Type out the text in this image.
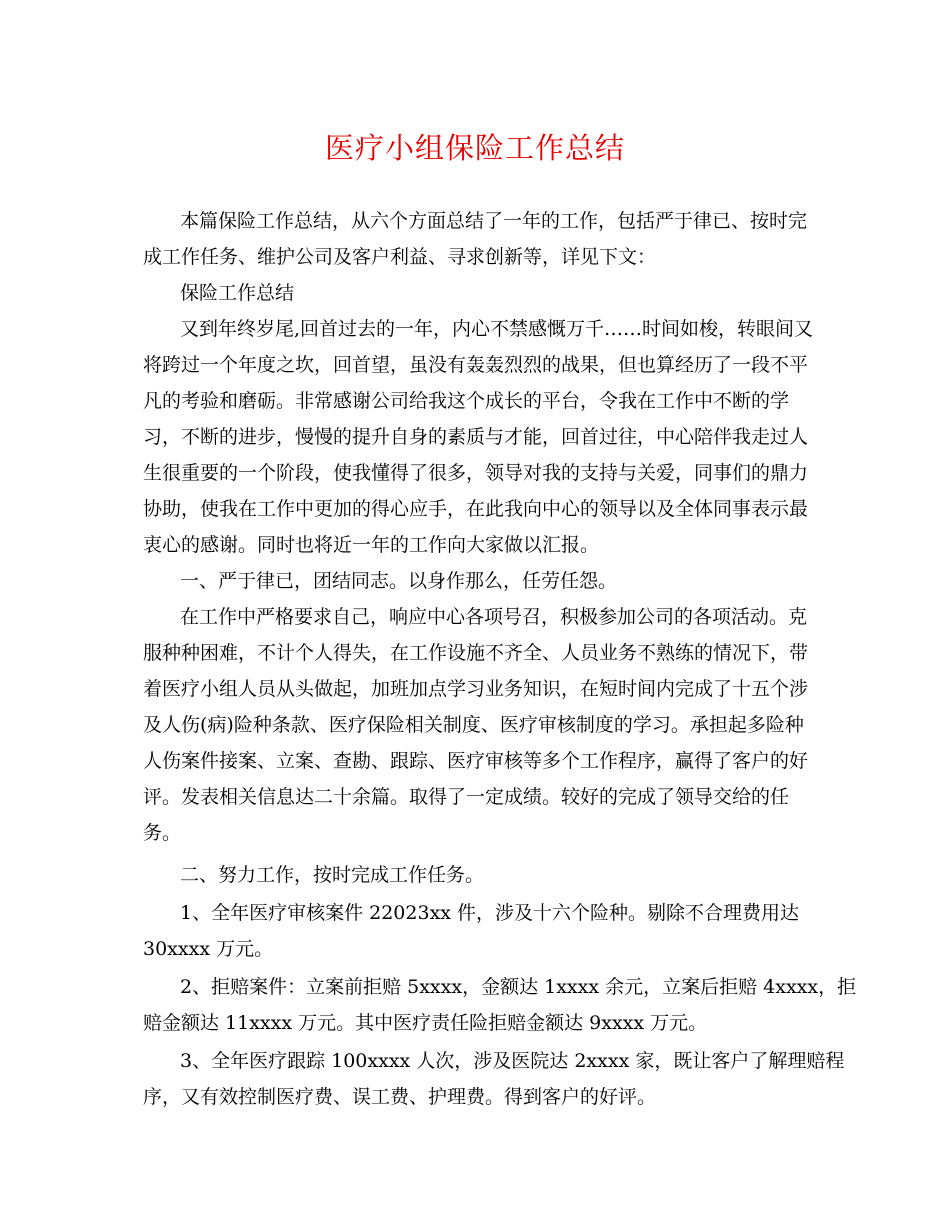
医疗小组保险工作总结
本篇保险工作总结，从六个方面总结了一年的工作，包括严于律已、按时完
成工作任务、维护公司及客户利益、寻求创新等，详见下文：
保险工作总结
又到年终岁尾,回首过去的一年，内心不禁感慨万千……时间如梭，转眼间又
将跨过一个年度之坎，回首望，虽没有轰轰烈烈的战果，但也算经历了一段不平
凡的考验和磨砺。非常感谢公司给我这个成长的平台，令我在工作中不断的学
习，不断的进步，慢慢的提升自身的素质与才能，回首过往，中心陪伴我走过人
生很重要的一个阶段，使我懂得了很多，领导对我的支持与关爱，同事们的鼎力
协助，使我在工作中更加的得心应手，在此我向中心的领导以及全体同事表示最
衷心的感谢。同时也将近一年的工作向大家做以汇报。
一、严于律已，团结同志。以身作那么，任劳任怨。
在工作中严格要求自己，响应中心各项号召，积极参加公司的各项活动。克
服种种困难，不计个人得失，在工作设施不齐全、人员业务不熟练的情况下，带
着医疗小组人员从头做起，加班加点学习业务知识，在短时间内完成了十五个涉
及人伤(病)险种条款、医疗保险相关制度、医疗审核制度的学习。承担起多险种
人伤案件接案、立案、查勘、跟踪、医疗审核等多个工作程序，赢得了客户的好
评。发表相关信息达二十余篇。取得了一定成绩。较好的完成了领导交给的任
务。
二、努力工作，按时完成工作任务。
1、全年医疗审核案件 22023xx 件，涉及十六个险种。剔除不合理费用达
30xxxx 万元。
2、拒赔案件：立案前拒赔 5xxxx，金额达 1xxxx 余元，立案后拒赔 4xxxx，拒
赔金额达 11xxxx 万元。其中医疗责任险拒赔金额达 9xxxx 万元。
3、全年医疗跟踪 100xxxx 人次，涉及医院达 2xxxx 家，既让客户了解理赔程
序，又有效控制医疗费、误工费、护理费。得到客户的好评。
